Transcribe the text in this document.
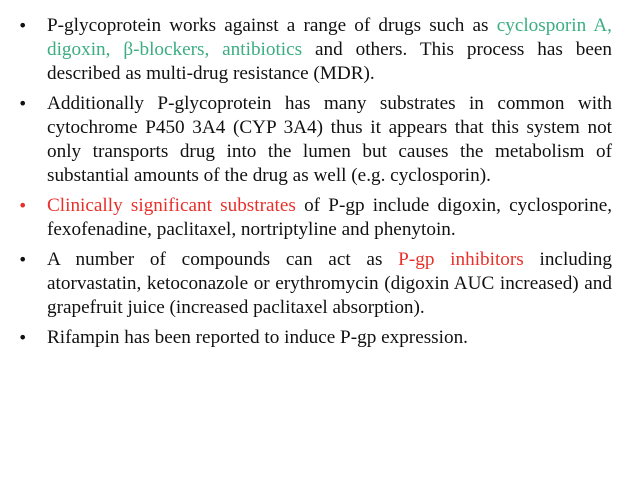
•	P-glycoprotein works against a range of drugs such as cyclosporin A, digoxin, β-blockers, antibiotics and others. This process has been described as multi-drug resistance (MDR).
•	Additionally P-glycoprotein has many substrates in common with cytochrome P450 3A4 (CYP 3A4) thus it appears that this system not only transports drug into the lumen but causes the metabolism of substantial amounts of the drug as well (e.g. cyclosporin).
•	Clinically significant substrates of P-gp include digoxin, cyclosporine, fexofenadine, paclitaxel, nortriptyline and phenytoin.
•	A number of compounds can act as P-gp inhibitors including atorvastatin, ketoconazole or erythromycin (digoxin AUC increased) and grapefruit juice (increased paclitaxel absorption).
•	Rifampin has been reported to induce P-gp expression.
